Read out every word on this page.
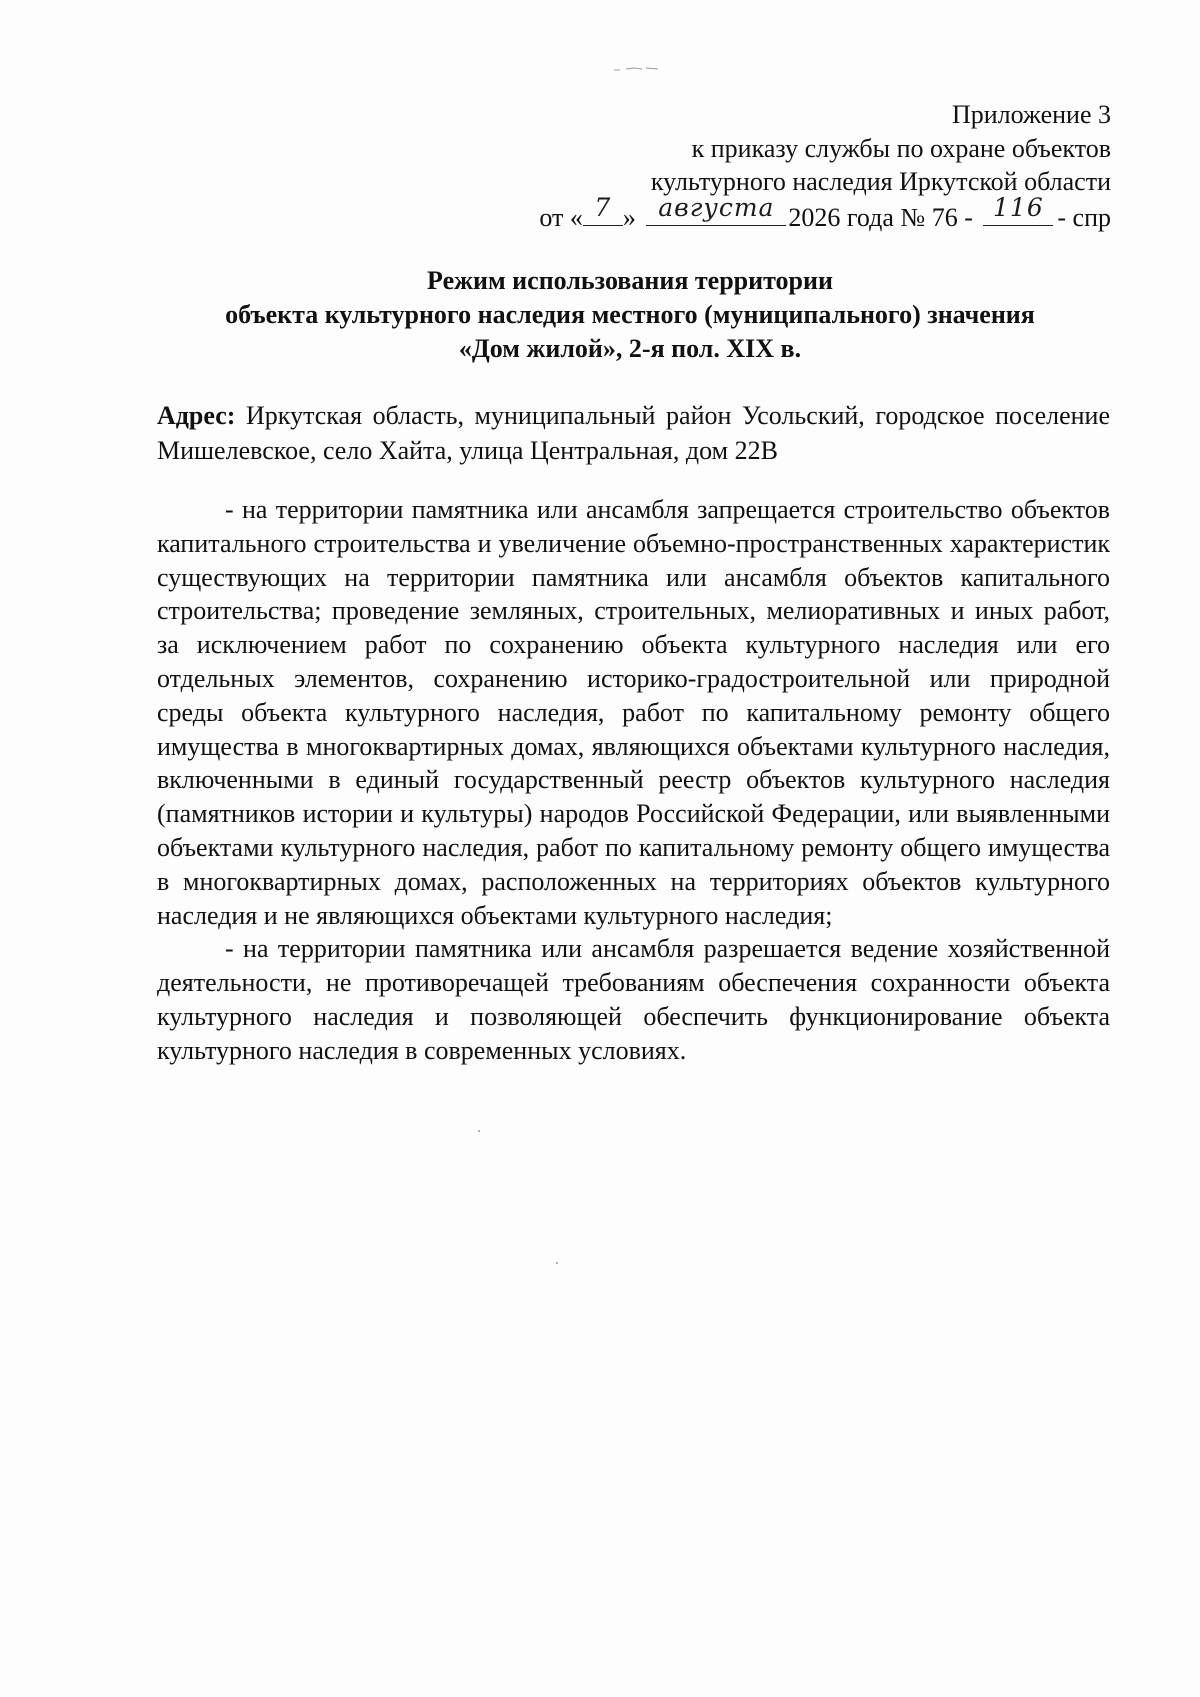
Приложение 3
к приказу службы по охране объектов
культурного наследия Иркутской области
от « 7 » августа 2026 года № 76 - 116 - спр
Режим использования территории
объекта культурного наследия местного (муниципального) значения
«Дом жилой», 2-я пол. XIX в.
Адрес: Иркутская область, муниципальный район Усольский, городское поселение Мишелевское, село Хайта, улица Центральная, дом 22В

- на территории памятника или ансамбля запрещается строительство объектов капитального строительства и увеличение объемно-пространственных характеристик существующих на территории памятника или ансамбля объектов капитального строительства; проведение земляных, строительных, мелиоративных и иных работ, за исключением работ по сохранению объекта культурного наследия или его отдельных элементов, сохранению историко-градостроительной или природной среды объекта культурного наследия, работ по капитальному ремонту общего имущества в многоквартирных домах, являющихся объектами культурного наследия, включенными в единый государственный реестр объектов культурного наследия (памятников истории и культуры) народов Российской Федерации, или выявленными объектами культурного наследия, работ по капитальному ремонту общего имущества в многоквартирных домах, расположенных на территориях объектов культурного наследия и не являющихся объектами культурного наследия;

- на территории памятника или ансамбля разрешается ведение хозяйственной деятельности, не противоречащей требованиям обеспечения сохранности объекта культурного наследия и позволяющей обеспечить функционирование объекта культурного наследия в современных условиях.
